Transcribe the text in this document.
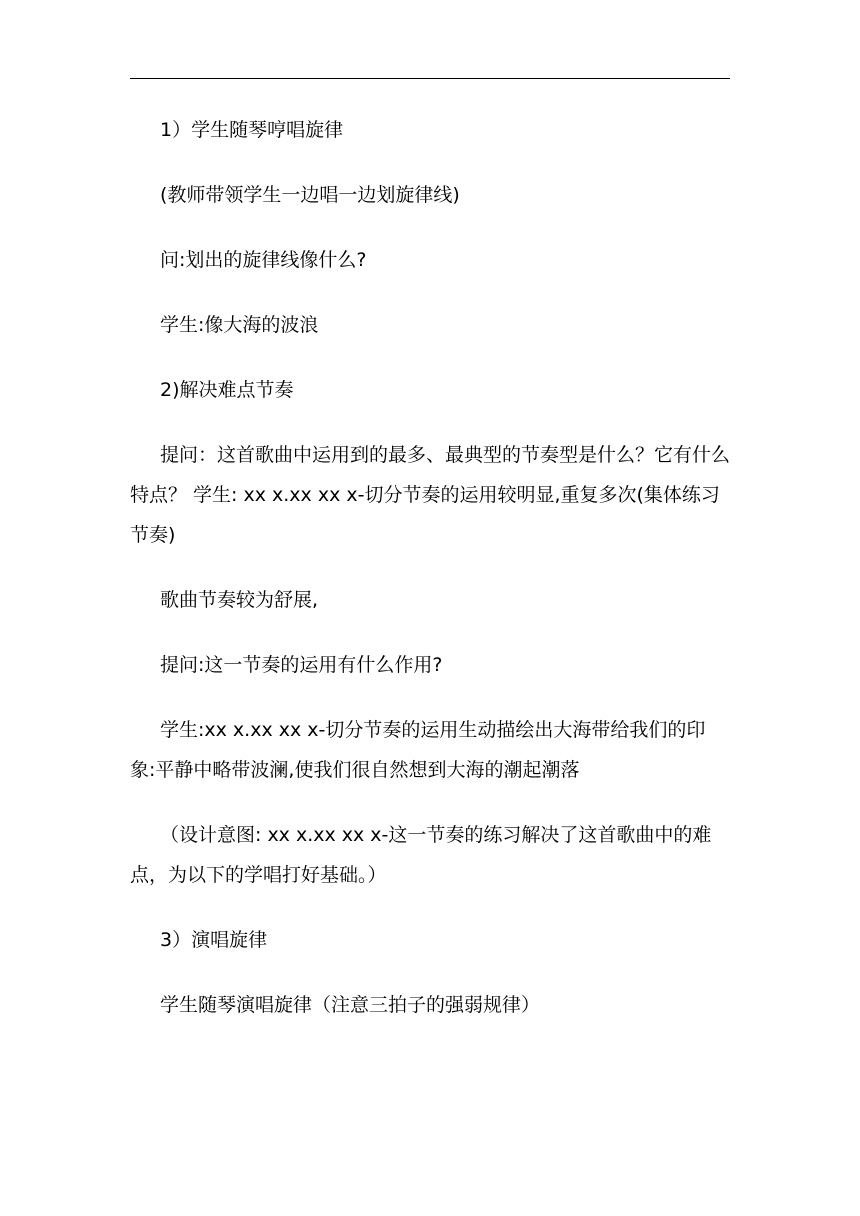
1）学生随琴哼唱旋律

(教师带领学生一边唱一边划旋律线)

问:划出的旋律线像什么?

学生:像大海的波浪

2)解决难点节奏

提问：这首歌曲中运用到的最多、最典型的节奏型是什么？它有什么特点？ 学生: xx x.xx xx x-切分节奏的运用较明显,重复多次(集体练习节奏)

歌曲节奏较为舒展,

提问:这一节奏的运用有什么作用?

学生:xx x.xx xx x-切分节奏的运用生动描绘出大海带给我们的印象:平静中略带波澜,使我们很自然想到大海的潮起潮落

（设计意图: xx x.xx xx x-这一节奏的练习解决了这首歌曲中的难点，为以下的学唱打好基础。）

3）演唱旋律

学生随琴演唱旋律（注意三拍子的强弱规律）
